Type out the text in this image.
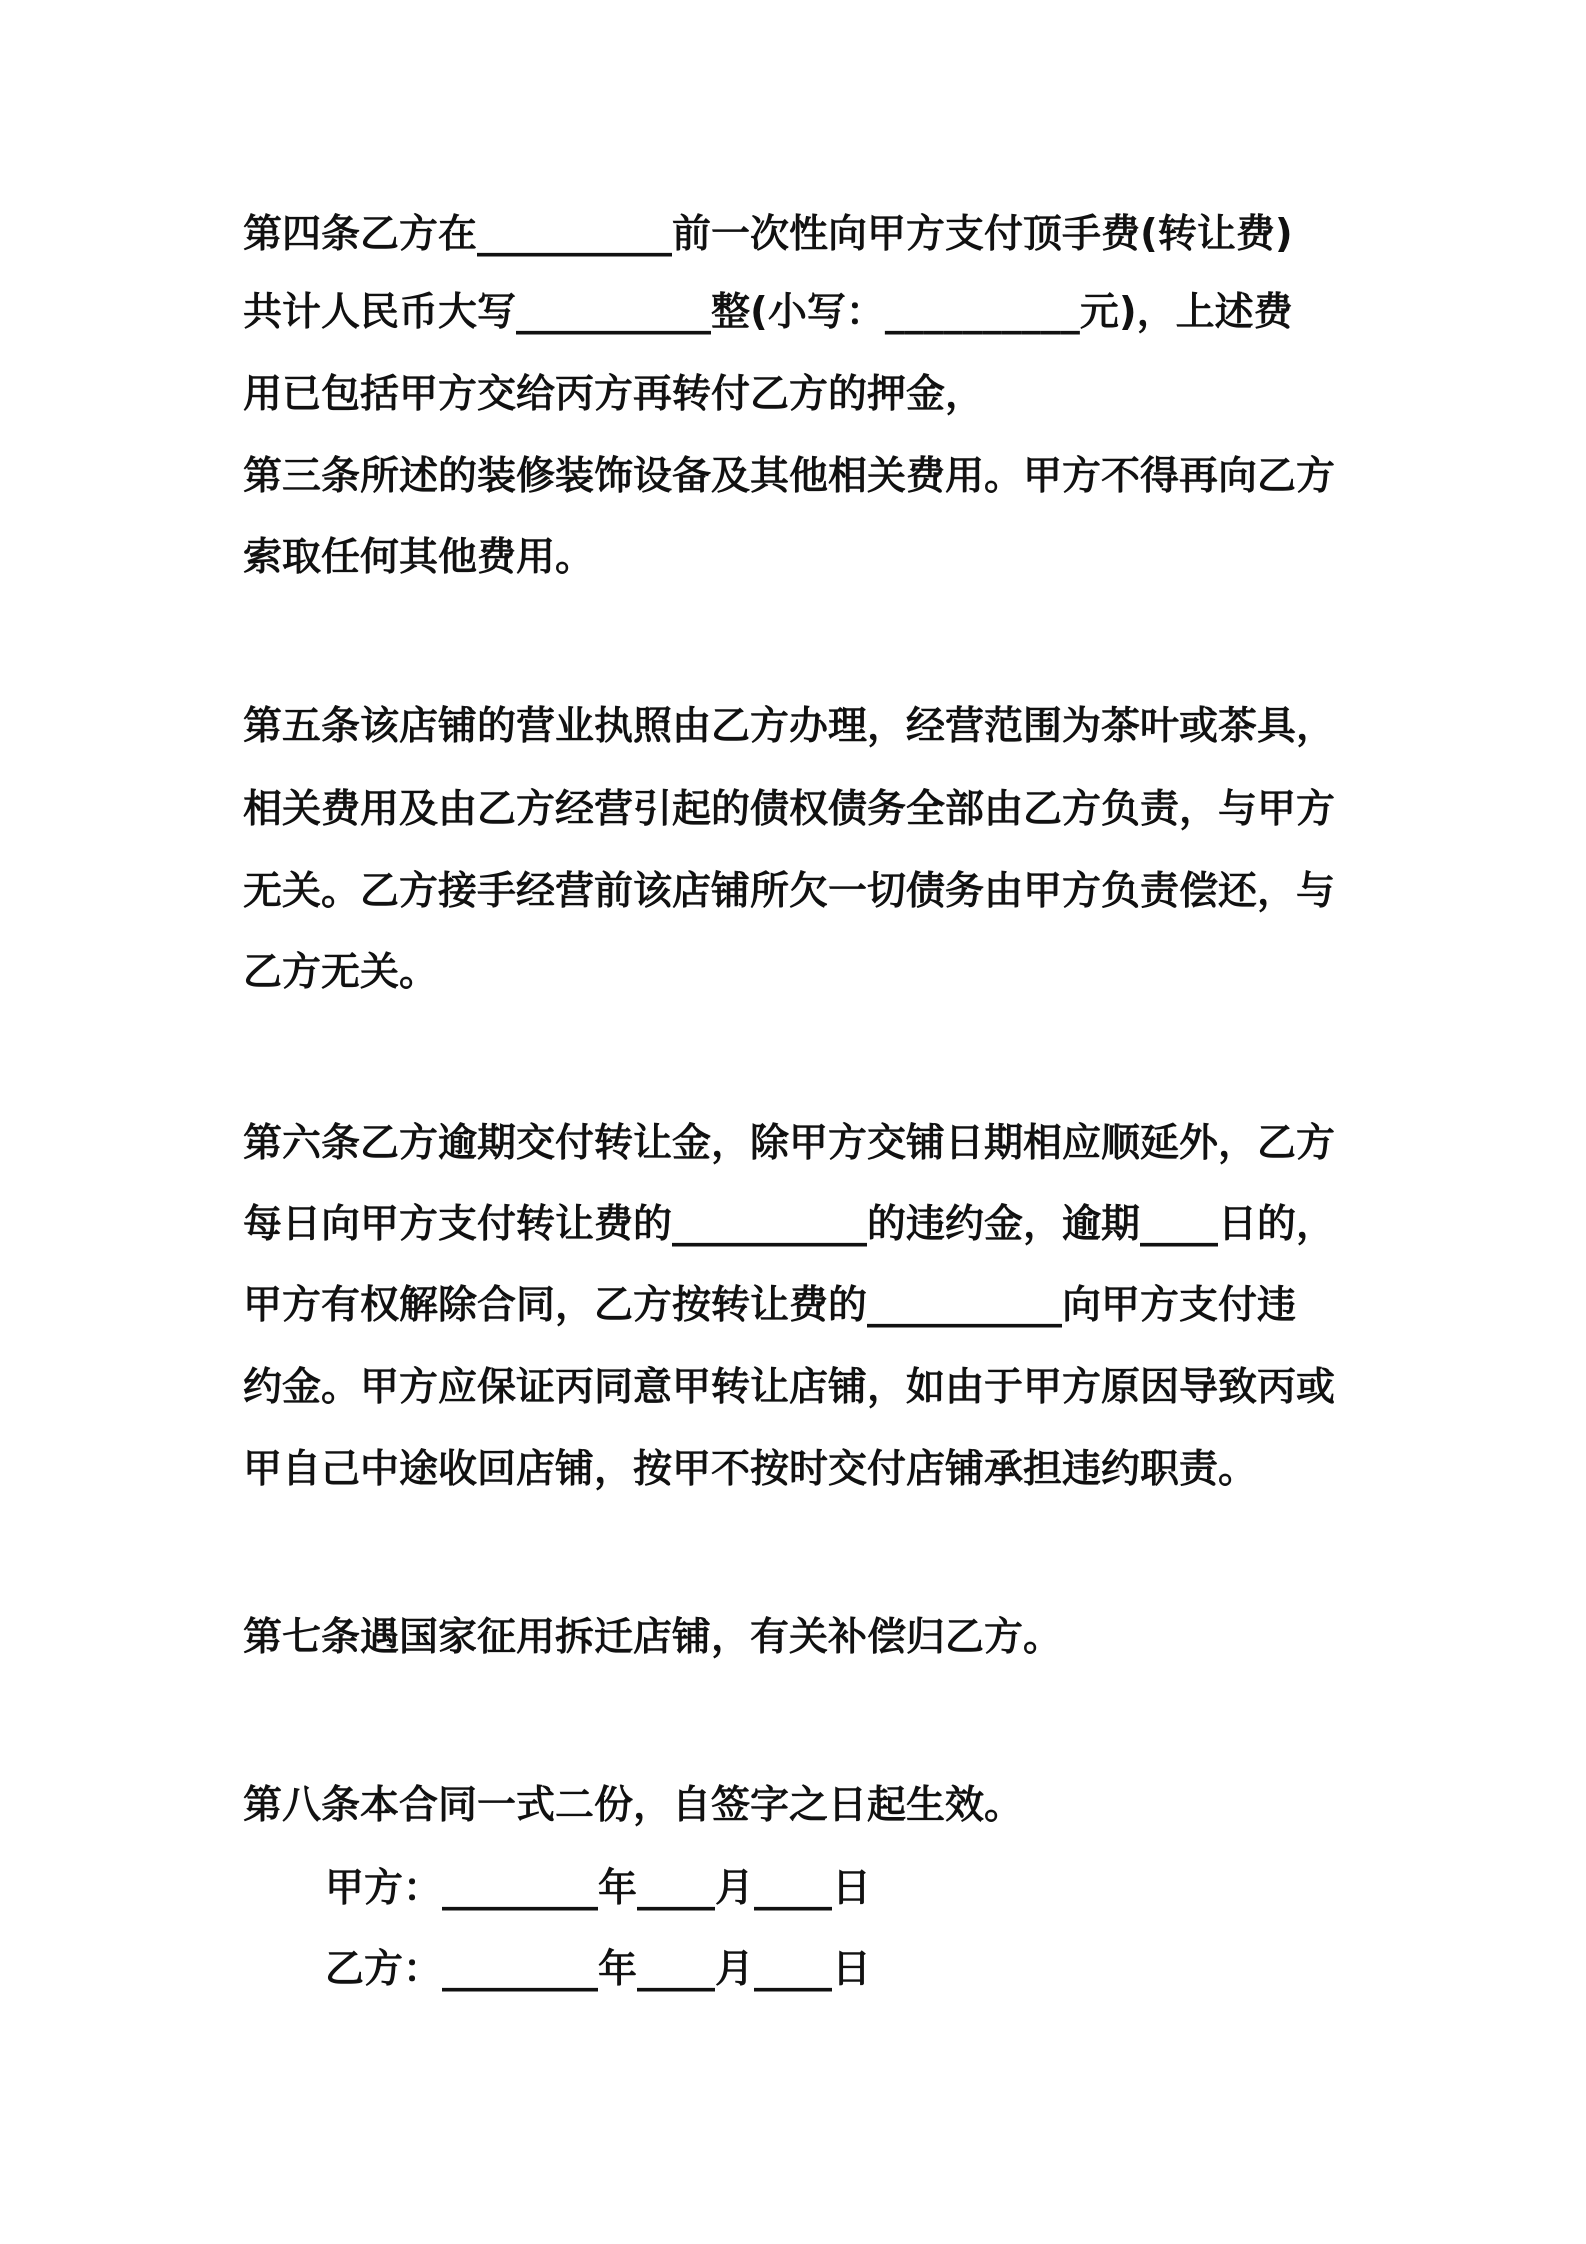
第四条乙方在__________前一次性向甲方支付顶手费(转让费)
共计人民币大写__________整(小写：__________元)，上述费
用已包括甲方交给丙方再转付乙方的押金，
第三条所述的装修装饰设备及其他相关费用。甲方不得再向乙方
索取任何其他费用。
第五条该店铺的营业执照由乙方办理，经营范围为茶叶或茶具，
相关费用及由乙方经营引起的债权债务全部由乙方负责，与甲方
无关。乙方接手经营前该店铺所欠一切债务由甲方负责偿还，与
乙方无关。
第六条乙方逾期交付转让金，除甲方交铺日期相应顺延外，乙方
每日向甲方支付转让费的__________的违约金，逾期____日的，
甲方有权解除合同，乙方按转让费的__________向甲方支付违
约金。甲方应保证丙同意甲转让店铺，如由于甲方原因导致丙或
甲自己中途收回店铺，按甲不按时交付店铺承担违约职责。
第七条遇国家征用拆迁店铺，有关补偿归乙方。
第八条本合同一式二份，自签字之日起生效。
甲方：________年____月____日
乙方：________年____月____日
